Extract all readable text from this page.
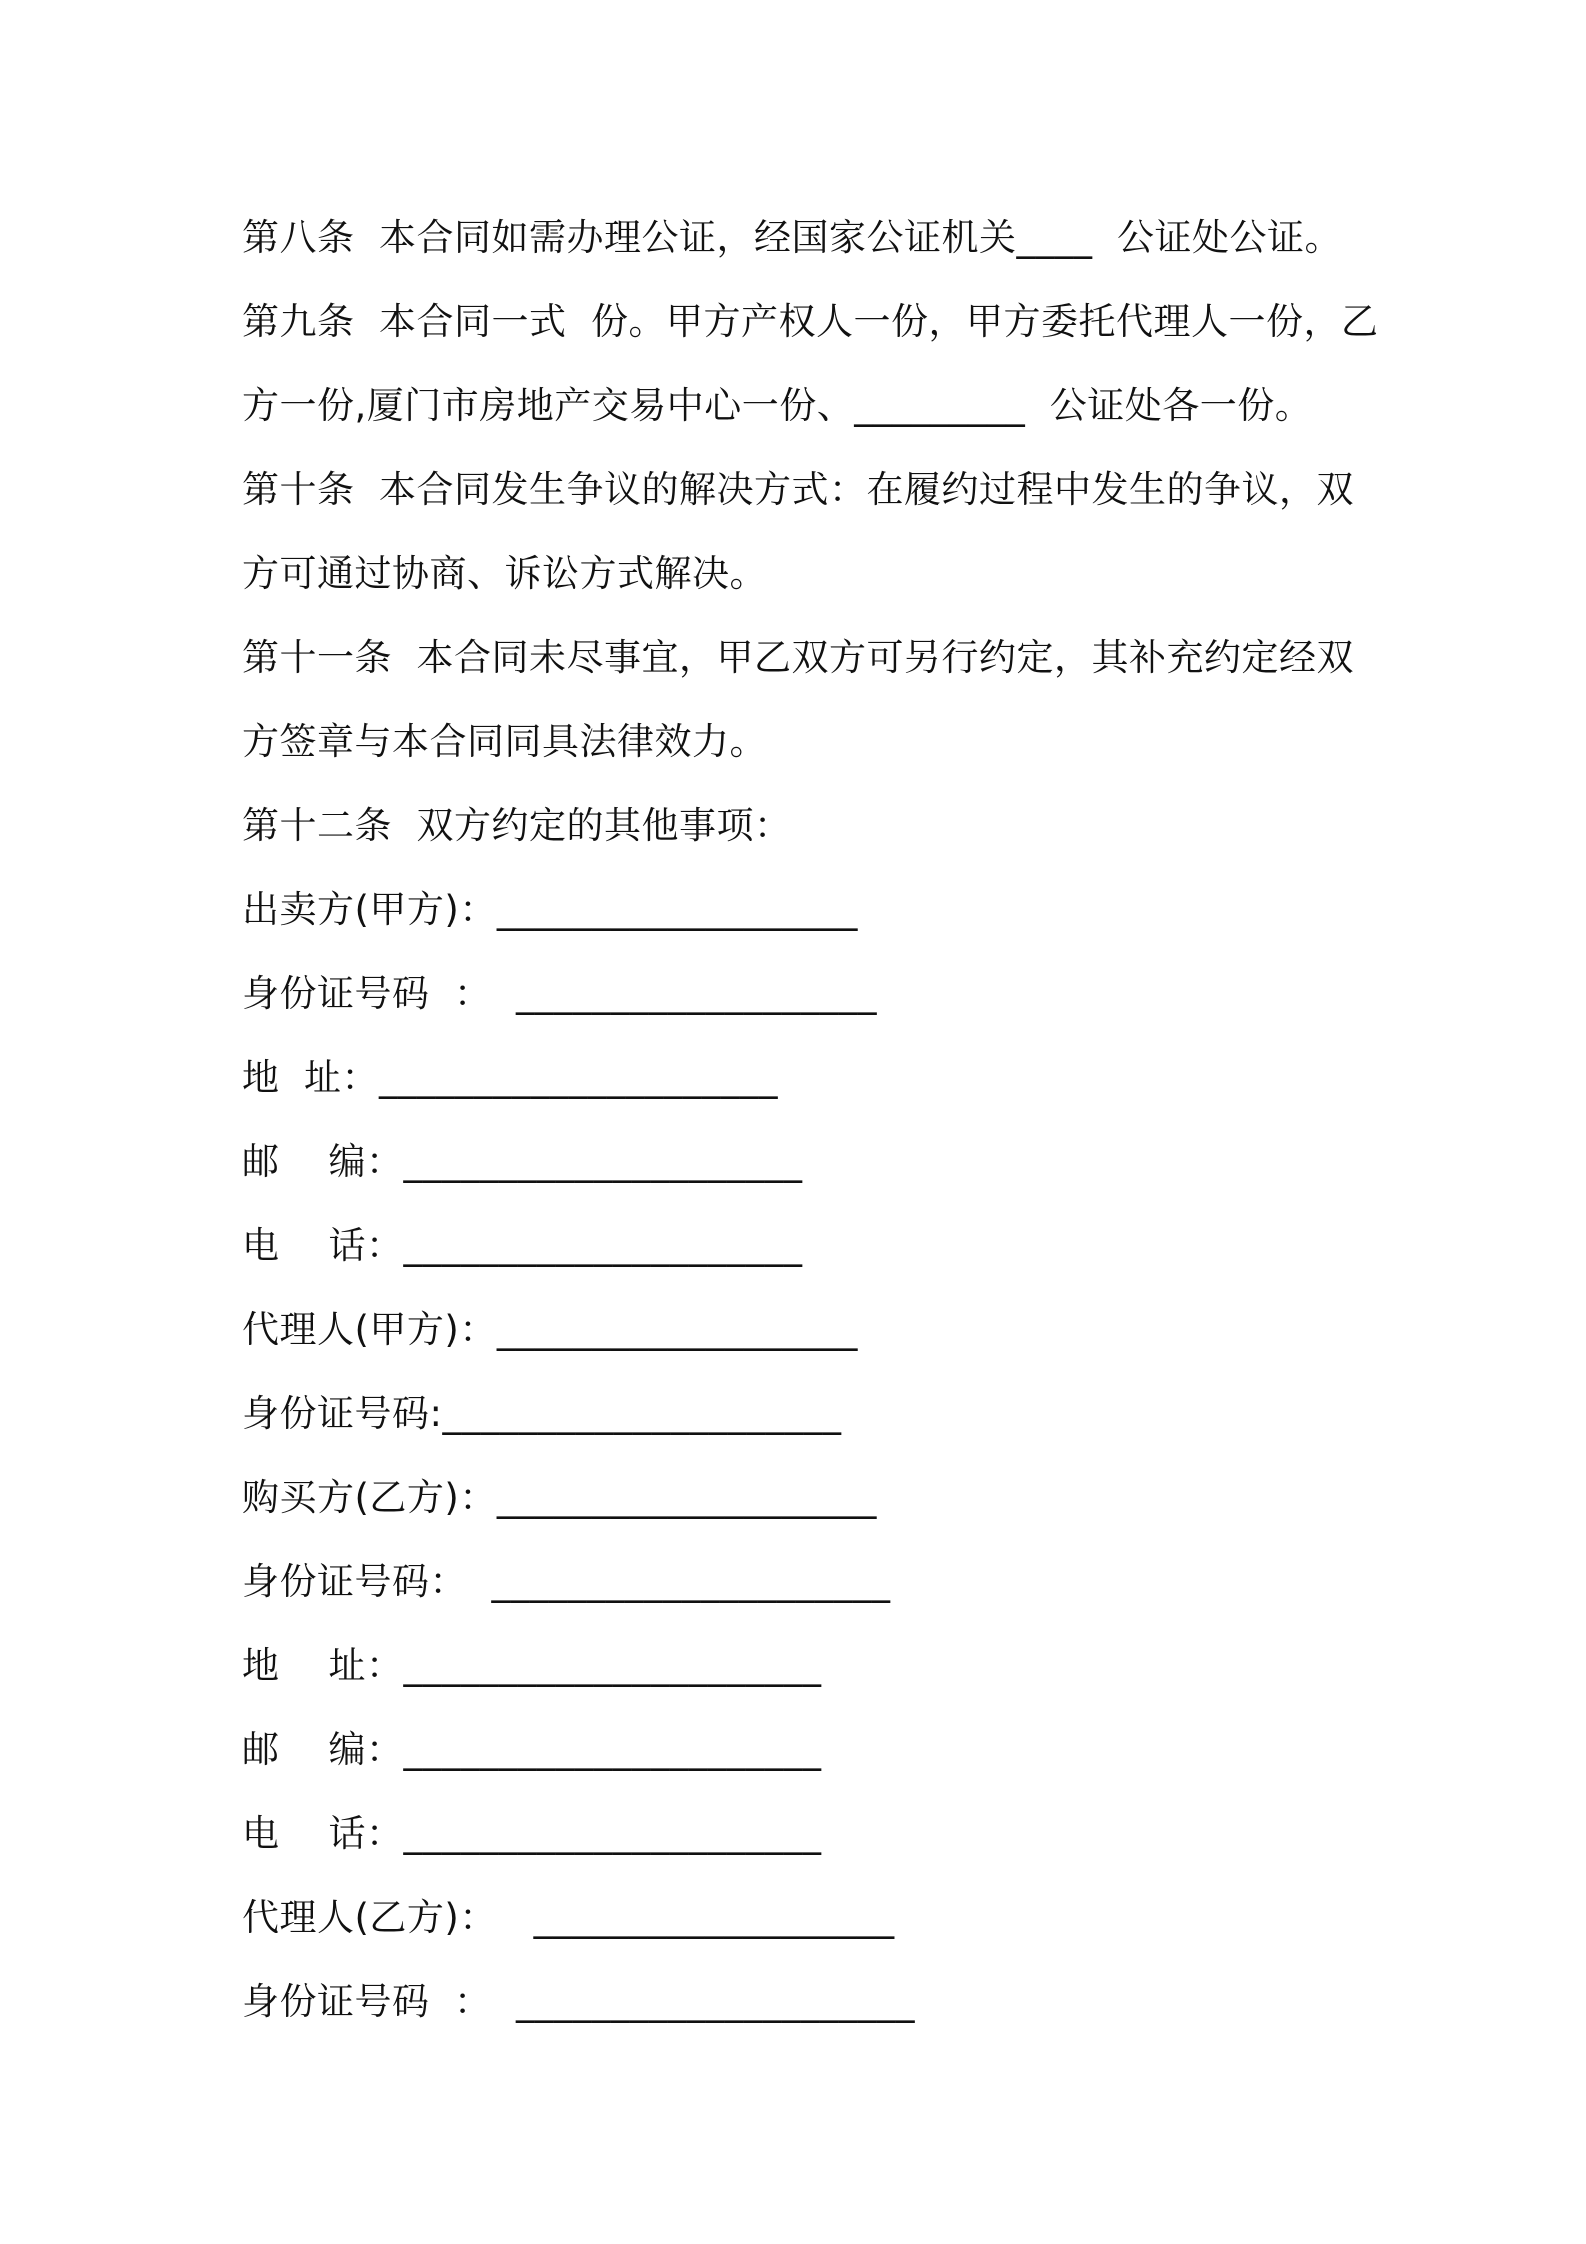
第八条  本合同如需办理公证，经国家公证机关____  公证处公证。
第九条  本合同一式  份。甲方产权人一份，甲方委托代理人一份，乙
方一份,厦门市房地产交易中心一份、_________  公证处各一份。
第十条  本合同发生争议的解决方式：在履约过程中发生的争议，双
方可通过协商、诉讼方式解决。
第十一条  本合同未尽事宜，甲乙双方可另行约定，其补充约定经双
方签章与本合同同具法律效力。
第十二条  双方约定的其他事项：
出卖方(甲方)：___________________
身份证号码  ：  ___________________
地  址：_____________________
邮    编：_____________________
电    话：_____________________
代理人(甲方)：___________________
身份证号码:_____________________
购买方(乙方)：____________________
身份证号码：  _____________________
地    址：______________________
邮    编：______________________
电    话：______________________
代理人(乙方)：   ___________________
身份证号码  ：  _____________________
